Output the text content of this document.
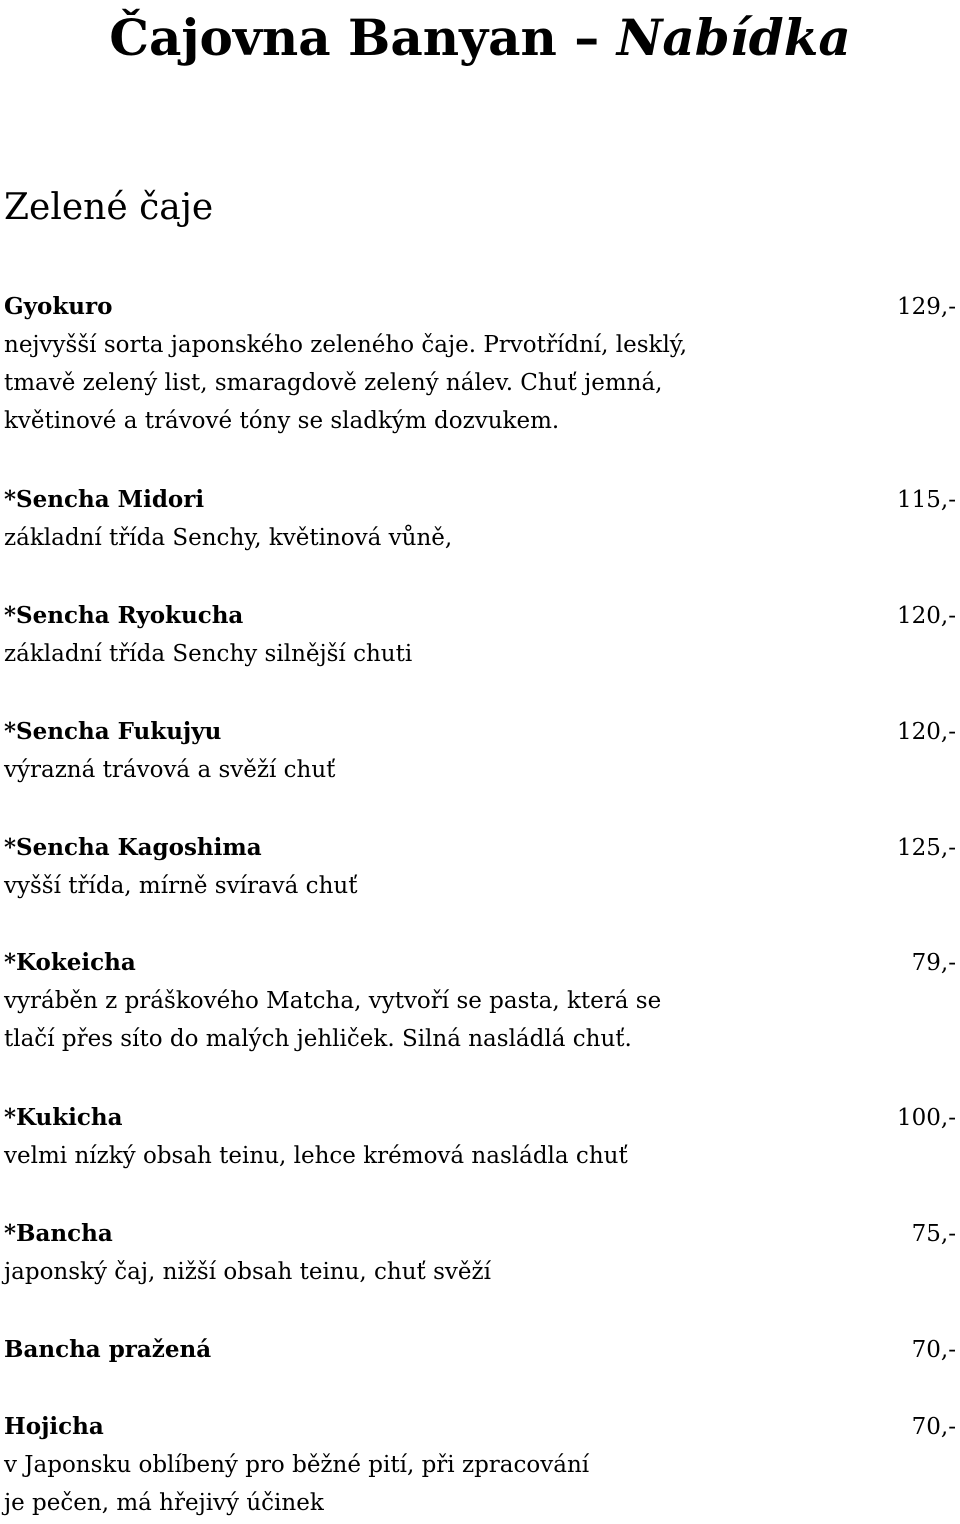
Čajovna Banyan – Nabídka
Zelené čaje
Gyokuro	129,-

nejvyšší sorta japonského zeleného čaje. Prvotřídní, lesklý,
tmavě zelený list, smaragdově zelený nálev. Chuť jemná,
květinové a trávové tóny se sladkým dozvukem.

*Sencha Midori	115,-

základní třída Senchy, květinová vůně,

*Sencha Ryokucha	120,-

základní třída Senchy silnější chuti

*Sencha Fukujyu	120,-

výrazná trávová a svěží chuť

*Sencha Kagoshima	125,-

vyšší třída, mírně svíravá chuť

*Kokeicha	79,-

vyráběn z práškového Matcha, vytvoří se pasta, která se
tlačí přes síto do malých jehliček. Silná nasládlá chuť.

*Kukicha	100,-

velmi nízký obsah teinu, lehce krémová nasládla chuť

*Bancha	75,-

japonský čaj, nižší obsah teinu, chuť svěží

Bancha pražená	70,-
Hojicha	70,-

v Japonsku oblíbený pro běžné pití, při zpracování
je pečen, má hřejivý účinek
